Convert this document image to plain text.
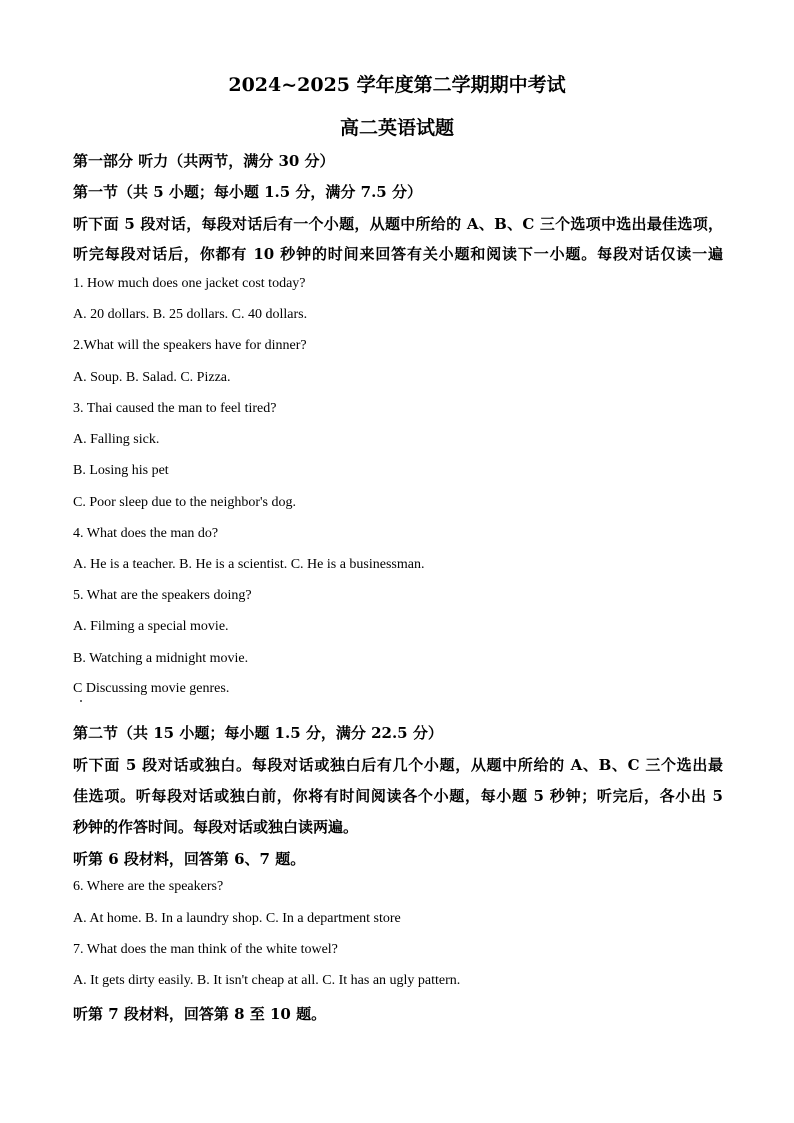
2024~2025 学年度第二学期期中考试
高二英语试题
第一部分 听力（共两节，满分 30 分）
第一节（共 5 小题；每小题 1.5 分，满分 7.5 分）
听下面 5 段对话，每段对话后有一个小题，从题中所给的 A、B、C 三个选项中选出最佳选项，
听完每段对话后，你都有 10 秒钟的时间来回答有关小题和阅读下一小题。每段对话仅读一遍
1. How much does one jacket cost today?
A. 20 dollars. B. 25 dollars. C. 40 dollars.
2.What will the speakers have for dinner?
A. Soup. B. Salad. C. Pizza.
3. Thai caused the man to feel tired?
A. Falling sick.
B. Losing his pet
C. Poor sleep due to the neighbor's dog.
4. What does the man do?
A. He is a teacher. B. He is a scientist. C. He is a businessman.
5. What are the speakers doing?
A. Filming a special movie.
B. Watching a midnight movie.
C Discussing movie genres.
第二节（共 15 小题；每小题 1.5 分，满分 22.5 分）
听下面 5 段对话或独白。每段对话或独白后有几个小题，从题中所给的 A、B、C 三个选出最
佳选项。听每段对话或独白前，你将有时间阅读各个小题，每小题 5 秒钟；听完后，各小出 5
秒钟的作答时间。每段对话或独白读两遍。
听第 6 段材料，回答第 6、7 题。
6. Where are the speakers?
A. At home. B. In a laundry shop. C. In a department store
7. What does the man think of the white towel?
A. It gets dirty easily. B. It isn't cheap at all. C. It has an ugly pattern.
听第 7 段材料，回答第 8 至 10 题。
